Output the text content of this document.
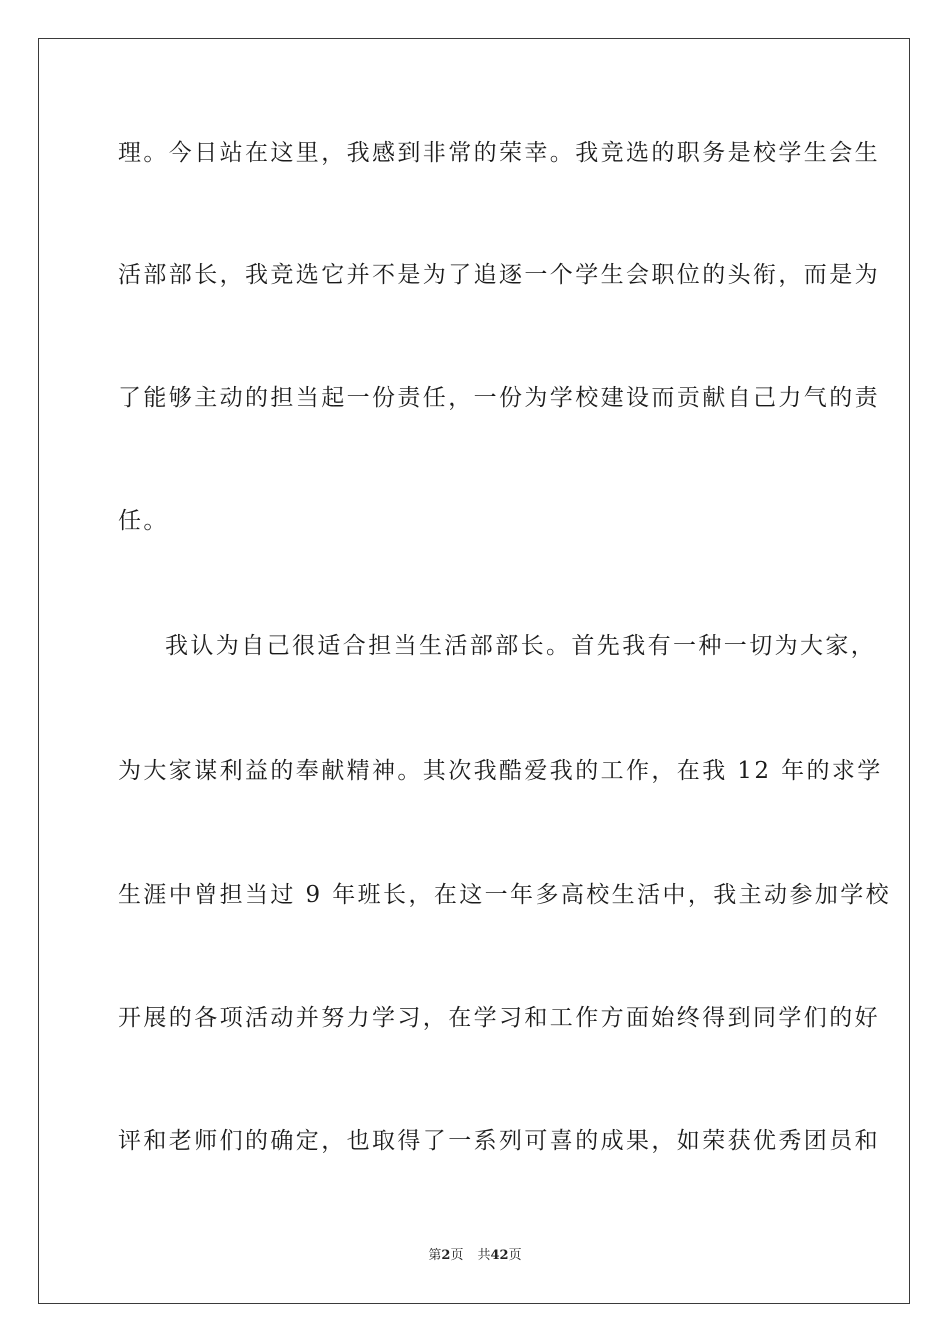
理。今日站在这里，我感到非常的荣幸。我竞选的职务是校学生会生
活部部长，我竞选它并不是为了追逐一个学生会职位的头衔，而是为
了能够主动的担当起一份责任，一份为学校建设而贡献自己力气的责
任。
我认为自己很适合担当生活部部长。首先我有一种一切为大家，
为大家谋利益的奉献精神。其次我酷爱我的工作，在我 12 年的求学
生涯中曾担当过 9 年班长，在这一年多高校生活中，我主动参加学校
开展的各项活动并努力学习，在学习和工作方面始终得到同学们的好
评和老师们的确定，也取得了一系列可喜的成果，如荣获优秀团员和
第2页 共42页
